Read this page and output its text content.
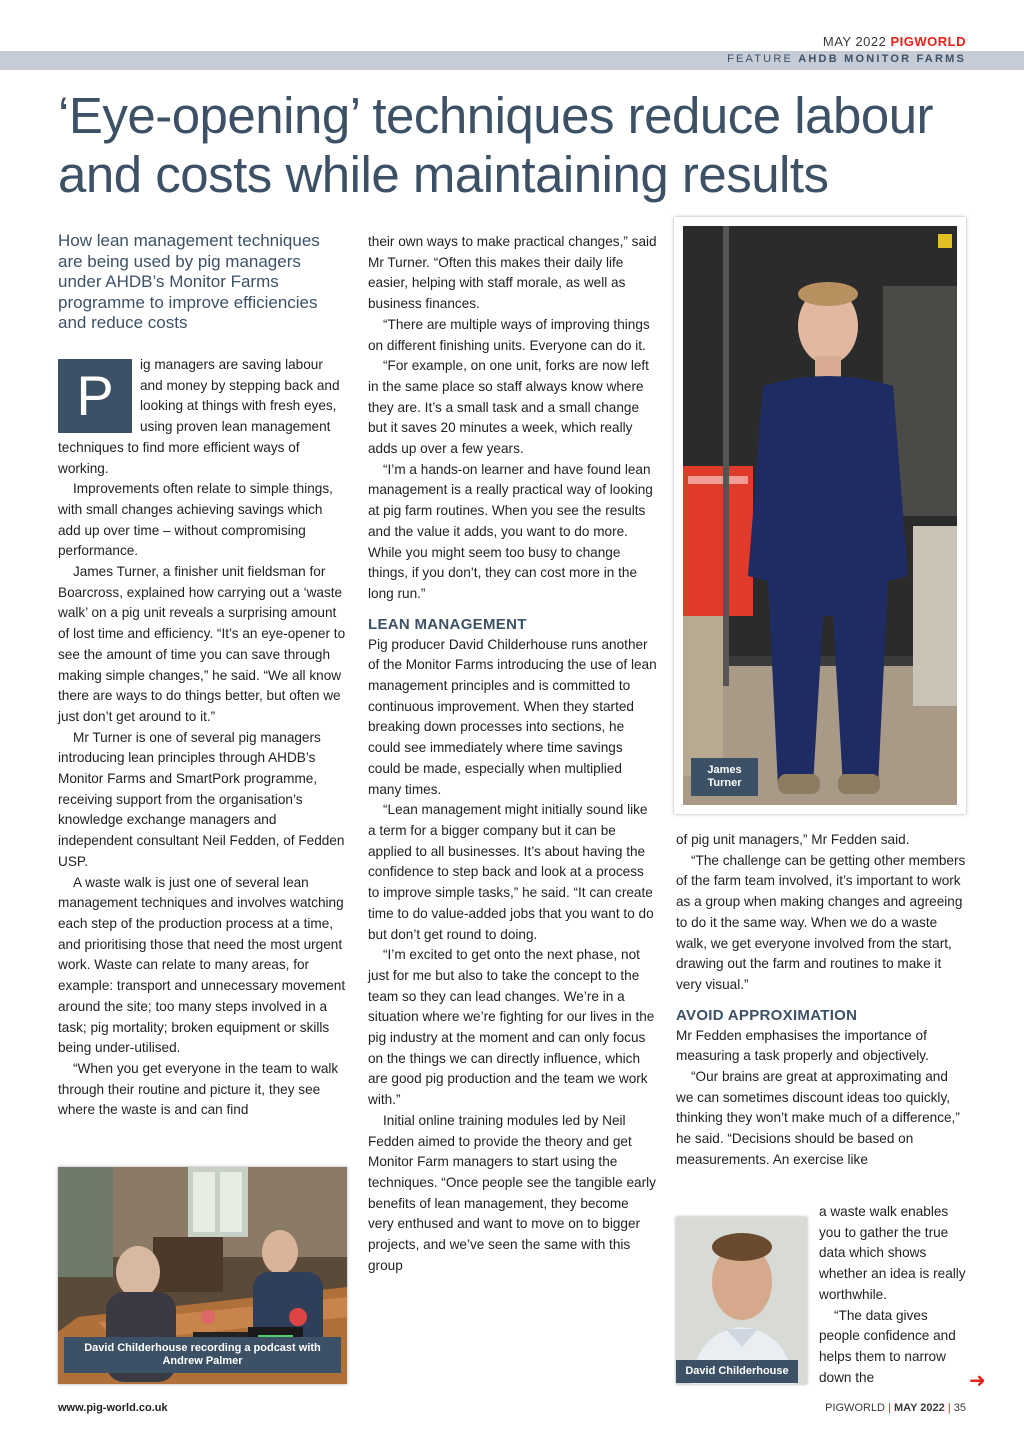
MAY 2022 PIGWORLD
FEATURE AHDB MONITOR FARMS
‘Eye-opening’ techniques reduce labour and costs while maintaining results
How lean management techniques are being used by pig managers under AHDB’s Monitor Farms programme to improve efficiencies and reduce costs
P	ig managers are saving labour and money by stepping back and looking at things with fresh eyes, using proven lean management techniques to find more efficient ways of working.

Improvements often relate to simple things, with small changes achieving savings which add up over time – without compromising performance.

James Turner, a finisher unit fieldsman for Boarcross, explained how carrying out a ‘waste walk’ on a pig unit reveals a surprising amount of lost time and efficiency. “It’s an eye-opener to see the amount of time you can save through making simple changes,” he said. “We all know there are ways to do things better, but often we just don’t get around to it.”

Mr Turner is one of several pig managers introducing lean principles through AHDB’s Monitor Farms and SmartPork programme, receiving support from the organisation’s knowledge exchange managers and independent consultant Neil Fedden, of Fedden USP.

A waste walk is just one of several lean management techniques and involves watching each step of the production process at a time, and prioritising those that need the most urgent work. Waste can relate to many areas, for example: transport and unnecessary movement around the site; too many steps involved in a task; pig mortality; broken equipment or skills being under-utilised.

“When you get everyone in the team to walk through their routine and picture it, they see where the waste is and can find

David Childerhouse recording a podcast with Andrew Palmer

their own ways to make practical changes,” said Mr Turner. “Often this makes their daily life easier, helping with staff morale, as well as business finances.

“There are multiple ways of improving things on different finishing units. Everyone can do it.

“For example, on one unit, forks are now left in the same place so staff always know where they are. It’s a small task and a small change but it saves 20 minutes a week, which really adds up over a few years.

“I’m a hands-on learner and have found lean management is a really practical way of looking at pig farm routines. When you see the results and the value it adds, you want to do more. While you might seem too busy to change things, if you don’t, they can cost more in the long run.”

LEAN MANAGEMENT

Pig producer David Childerhouse runs another of the Monitor Farms introducing the use of lean management principles and is committed to continuous improvement. When they started breaking down processes into sections, he could see immediately where time savings could be made, especially when multiplied many times.

“Lean management might initially sound like a term for a bigger company but it can be applied to all businesses. It’s about having the confidence to step back and look at a process to improve simple tasks,” he said. “It can create time to do value-added jobs that you want to do but don’t get round to doing.

“I’m excited to get onto the next phase, not just for me but also to take the concept to the team so they can lead changes. We’re in a situation where we’re fighting for our lives in the pig industry at the moment and can only focus on the things we can directly influence, which are good pig production and the team we work with.”

Initial online training modules led by Neil Fedden aimed to provide the theory and get Monitor Farm managers to start using the techniques. “Once people see the tangible early benefits of lean management, they become very enthused and want to move on to bigger projects, and we’ve seen the same with this group

James Turner

of pig unit managers,” Mr Fedden said.

“The challenge can be getting other members of the farm team involved, it’s important to work as a group when making changes and agreeing to do it the same way. When we do a waste walk, we get everyone involved from the start, drawing out the farm and routines to make it very visual.”

AVOID APPROXIMATION

Mr Fedden emphasises the importance of measuring a task properly and objectively.

“Our brains are great at approximating and we can sometimes discount ideas too quickly, thinking they won’t make much of a difference,” he said. “Decisions should be based on measurements. An exercise like

David Childerhouse

a waste walk enables you to gather the true data which shows whether an idea is really worthwhile.

“The data gives people confidence and helps them to narrow down the	➜
www.pig-world.co.uk	PIGWORLD | MAY 2022 | 35
